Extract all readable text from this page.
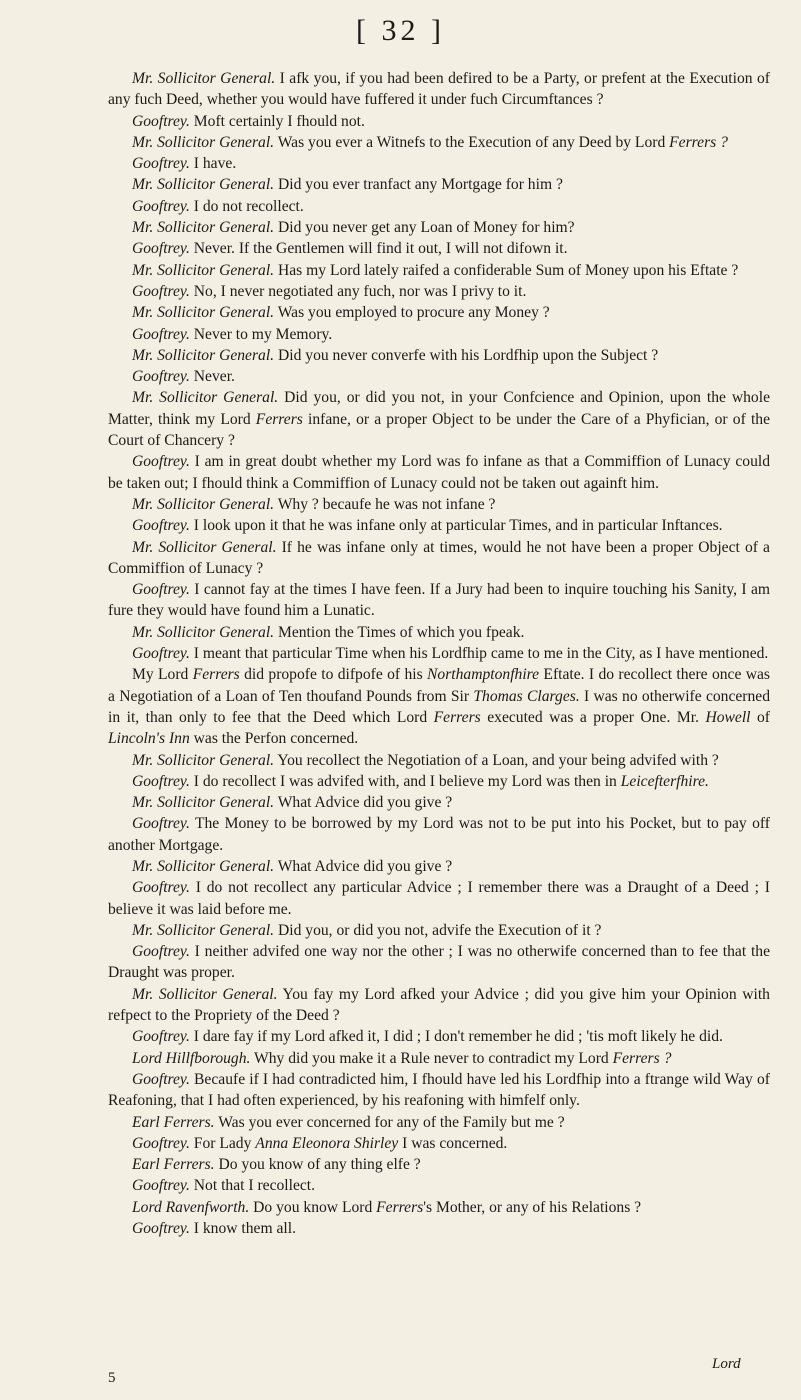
[ 32 ]

Mr. Sollicitor General. I afk you, if you had been defired to be a Party, or prefent at the Execution of any fuch Deed, whether you would have fuffered it under fuch Circumftances ?

Gooftrey. Moft certainly I fhould not.

Mr. Sollicitor General. Was you ever a Witnefs to the Execution of any Deed by Lord Ferrers ?

Gooftrey. I have.

Mr. Sollicitor General. Did you ever tranfact any Mortgage for him ?

Gooftrey. I do not recollect.

Mr. Sollicitor General. Did you never get any Loan of Money for him?

Gooftrey. Never. If the Gentlemen will find it out, I will not difown it.

Mr. Sollicitor General. Has my Lord lately raifed a confiderable Sum of Money upon his Eftate ?

Gooftrey. No, I never negotiated any fuch, nor was I privy to it.

Mr. Sollicitor General. Was you employed to procure any Money ?

Gooftrey. Never to my Memory.

Mr. Sollicitor General. Did you never converfe with his Lordfhip upon the Subject ?

Gooftrey. Never.

Mr. Sollicitor General. Did you, or did you not, in your Confcience and Opinion, upon the whole Matter, think my Lord Ferrers infane, or a proper Object to be under the Care of a Phyfician, or of the Court of Chancery ?

Gooftrey. I am in great doubt whether my Lord was fo infane as that a Commiffion of Lunacy could be taken out; I fhould think a Commiffion of Lunacy could not be taken out againft him.

Mr. Sollicitor General. Why ? becaufe he was not infane ?

Gooftrey. I look upon it that he was infane only at particular Times, and in particular Inftances.

Mr. Sollicitor General. If he was infane only at times, would he not have been a proper Object of a Commiffion of Lunacy ?

Gooftrey. I cannot fay at the times I have feen. If a Jury had been to inquire touching his Sanity, I am fure they would have found him a Lunatic.

Mr. Sollicitor General. Mention the Times of which you fpeak.

Gooftrey. I meant that particular Time when his Lordfhip came to me in the City, as I have mentioned.

My Lord Ferrers did propofe to difpofe of his Northamptonfhire Eftate. I do recollect there once was a Negotiation of a Loan of Ten thoufand Pounds from Sir Thomas Clarges. I was no otherwife concerned in it, than only to fee that the Deed which Lord Ferrers executed was a proper One. Mr. Howell of Lincoln's Inn was the Perfon concerned.

Mr. Sollicitor General. You recollect the Negotiation of a Loan, and your being advifed with ?

Gooftrey. I do recollect I was advifed with, and I believe my Lord was then in Leicefterfhire.

Mr. Sollicitor General. What Advice did you give ?

Gooftrey. The Money to be borrowed by my Lord was not to be put into his Pocket, but to pay off another Mortgage.

Mr. Sollicitor General. What Advice did you give ?

Gooftrey. I do not recollect any particular Advice ; I remember there was a Draught of a Deed ; I believe it was laid before me.

Mr. Sollicitor General. Did you, or did you not, advife the Execution of it ?

Gooftrey. I neither advifed one way nor the other ; I was no otherwife concerned than to fee that the Draught was proper.

Mr. Sollicitor General. You fay my Lord afked your Advice ; did you give him your Opinion with refpect to the Propriety of the Deed ?

Gooftrey. I dare fay if my Lord afked it, I did ; I don't remember he did ; 'tis moft likely he did.

Lord Hillfborough. Why did you make it a Rule never to contradict my Lord Ferrers ?

Gooftrey. Becaufe if I had contradicted him, I fhould have led his Lordfhip into a ftrange wild Way of Reafoning, that I had often experienced, by his reafoning with himfelf only.

Earl Ferrers. Was you ever concerned for any of the Family but me ?

Gooftrey. For Lady Anna Eleonora Shirley I was concerned.

Earl Ferrers. Do you know of any thing elfe ?

Gooftrey. Not that I recollect.

Lord Ravenfworth. Do you know Lord Ferrers's Mother, or any of his Relations ?

Gooftrey. I know them all.

Lord
5
